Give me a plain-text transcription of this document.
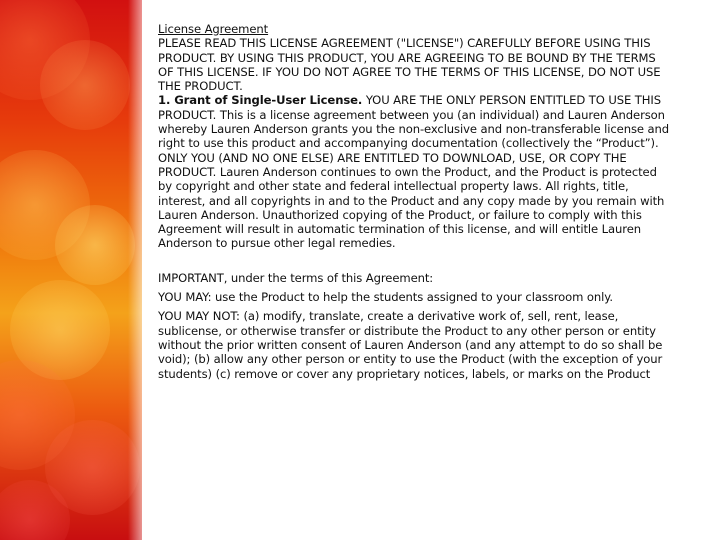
License Agreement

PLEASE READ THIS LICENSE AGREEMENT ("LICENSE") CAREFULLY BEFORE USING THIS PRODUCT. BY USING THIS PRODUCT, YOU ARE AGREEING TO BE BOUND BY THE TERMS OF THIS LICENSE. IF YOU DO NOT AGREE TO THE TERMS OF THIS LICENSE, DO NOT USE THE PRODUCT.

1. Grant of Single-User License. YOU ARE THE ONLY PERSON ENTITLED TO USE THIS PRODUCT. This is a license agreement between you (an individual) and Lauren Anderson whereby Lauren Anderson grants you the non-exclusive and non-transferable license and right to use this product and accompanying documentation (collectively the “Product”). ONLY YOU (AND NO ONE ELSE) ARE ENTITLED TO DOWNLOAD, USE, OR COPY THE PRODUCT. Lauren Anderson continues to own the Product, and the Product is protected by copyright and other state and federal intellectual property laws. All rights, title, interest, and all copyrights in and to the Product and any copy made by you remain with Lauren Anderson. Unauthorized copying of the Product, or failure to comply with this Agreement will result in automatic termination of this license, and will entitle Lauren Anderson to pursue other legal remedies.

IMPORTANT, under the terms of this Agreement:

YOU MAY: use the Product to help the students assigned to your classroom only.

YOU MAY NOT: (a) modify, translate, create a derivative work of, sell, rent, lease, sublicense, or otherwise transfer or distribute the Product to any other person or entity without the prior written consent of Lauren Anderson (and any attempt to do so shall be void); (b) allow any other person or entity to use the Product (with the exception of your students) (c) remove or cover any proprietary notices, labels, or marks on the Product
